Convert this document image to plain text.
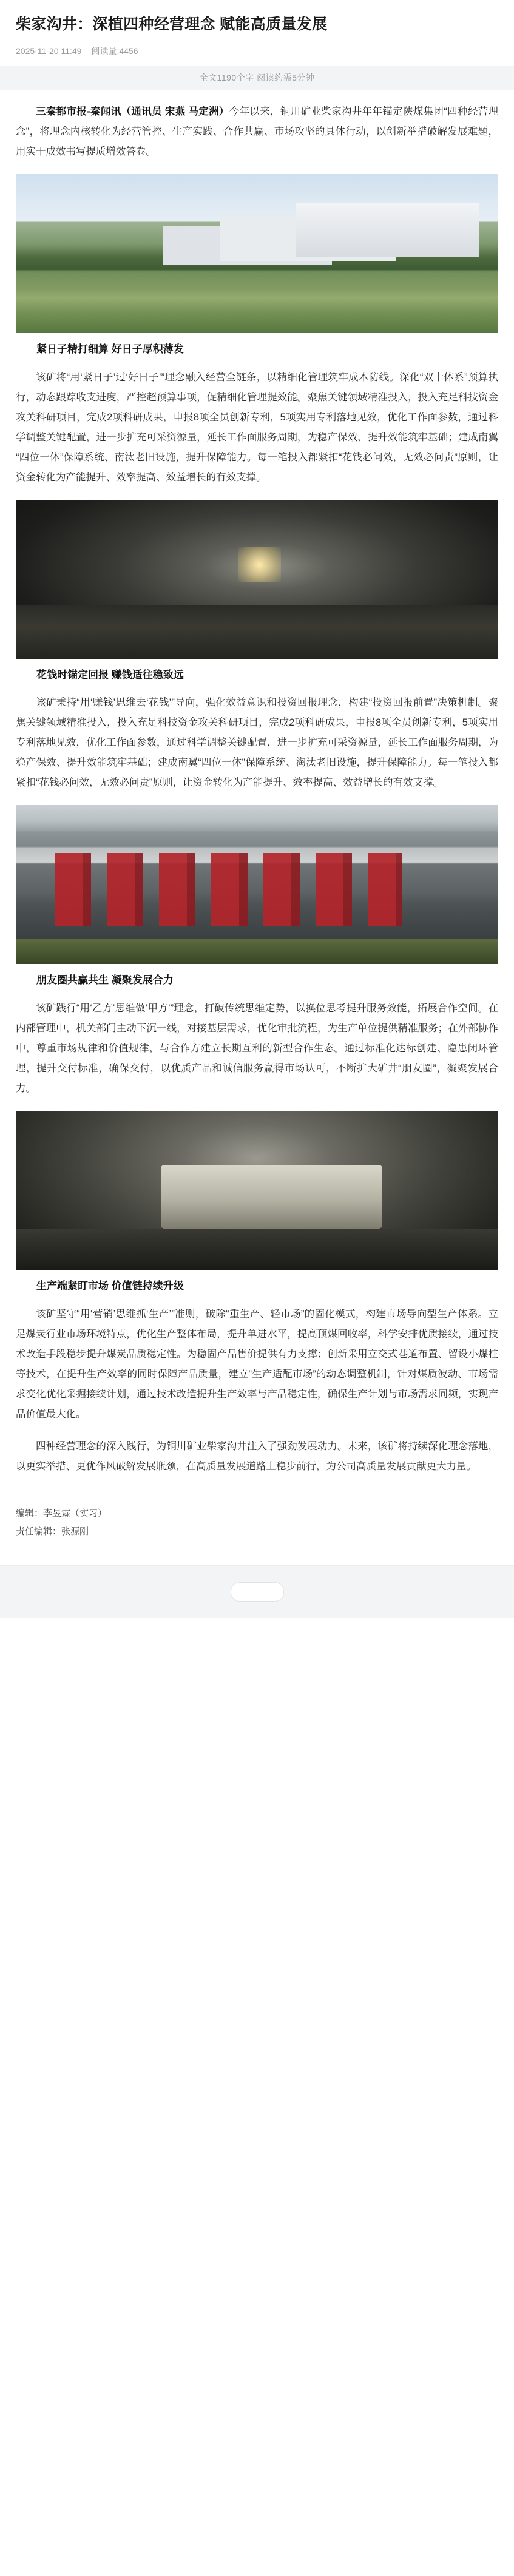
柴家沟井：深植四种经营理念 赋能高质量发展
2025-11-20 11:49 阅读量:4456
全文1190个字 阅读约需5分钟

三秦都市报-秦闻讯（通讯员 宋燕 马定洲）今年以来，铜川矿业柴家沟井年年锚定陕煤集团“四种经营理念”，将理念内核转化为经营管控、生产实践、合作共赢、市场攻坚的具体行动，以创新举措破解发展难题，用实干成效书写提质增效答卷。

紧日子精打细算 好日子厚积薄发

该矿将“用‘紧日子’过‘好日子’”理念融入经营全链条，以精细化管理筑牢成本防线。深化“双十体系”预算执行，动态跟踪收支进度，严控超预算事项，促精细化管理提效能。聚焦关键领域精准投入，投入充足科技资金攻关科研项目，完成2项科研成果，申报8项全员创新专利，5项实用专利落地见效，优化工作面参数，通过科学调整关键配置，进一步扩充可采资源量，延长工作面服务周期，为稳产保效、提升效能筑牢基础；建成南翼“四位一体”保障系统、南汰老旧设施，提升保障能力。每一笔投入都紧扣“花钱必问效，无效必问责”原则，让资金转化为产能提升、效率提高、效益增长的有效支撑。

花钱时锚定回报 赚钱适往稳致远

该矿秉持“用‘赚钱’思维去‘花钱’”导向，强化效益意识和投资回报理念，构建“投资回报前置”决策机制。聚焦关键领域精准投入，投入充足科技资金攻关科研项目，完成2项科研成果，申报8项全员创新专利，5项实用专利落地见效，优化工作面参数，通过科学调整关键配置，进一步扩充可采资源量，延长工作面服务周期，为稳产保效、提升效能筑牢基础；建成南翼“四位一体”保障系统、淘汰老旧设施，提升保障能力。每一笔投入都紧扣“花钱必问效，无效必问责”原则，让资金转化为产能提升、效率提高、效益增长的有效支撑。

朋友圈共赢共生 凝聚发展合力

该矿践行“用‘乙方’思维做‘甲方’”理念，打破传统思维定势，以换位思考提升服务效能，拓展合作空间。在内部管理中，机关部门主动下沉一线，对接基层需求，优化审批流程，为生产单位提供精准服务；在外部协作中，尊重市场规律和价值规律，与合作方建立长期互利的新型合作生态。通过标准化达标创建、隐患闭环管理，提升交付标准，确保交付，以优质产品和诚信服务赢得市场认可，不断扩大矿井“朋友圈”，凝聚发展合力。

生产端紧盯市场 价值链持续升级

该矿坚守“用‘营销’思维抓‘生产’”准则，破除“重生产、轻市场”的固化模式，构建市场导向型生产体系。立足煤炭行业市场环境特点，优化生产整体布局，提升单进水平，提高顶煤回收率，科学安排优质接续，通过技术改造手段稳步提升煤炭品质稳定性。为稳固产品售价提供有力支撑；创新采用立交式巷道布置、留设小煤柱等技术，在提升生产效率的同时保障产品质量，建立“生产适配市场”的动态调整机制，针对煤质波动、市场需求变化优化采掘接续计划，通过技术改造提升生产效率与产品稳定性，确保生产计划与市场需求同频，实现产品价值最大化。

四种经营理念的深入践行，为铜川矿业柴家沟井注入了强劲发展动力。未来，该矿将持续深化理念落地，以更实举措、更优作风破解发展瓶颈，在高质量发展道路上稳步前行，为公司高质量发展贡献更大力量。

编辑：李昱霖（实习）

责任编辑：张源刚
